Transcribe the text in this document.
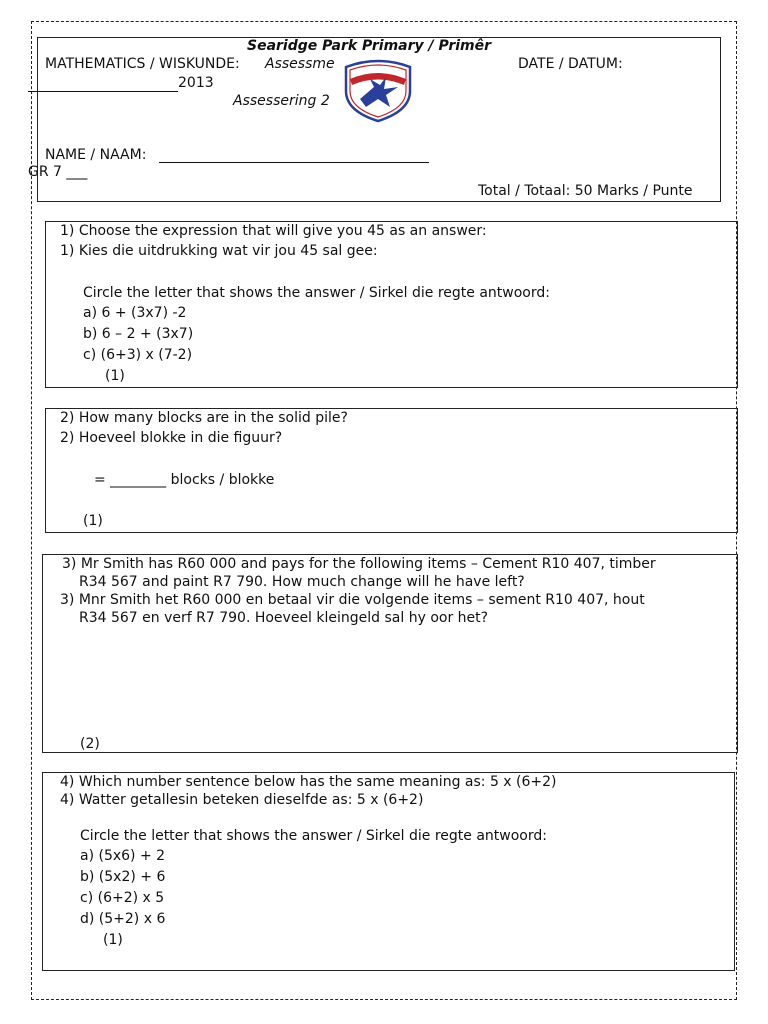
Searidge Park Primary / Primêr
MATHEMATICS / WISKUNDE: Assessme	DATE / DATUM:
2013
Assessering 2
NAME / NAAM:
GR 7 ___
Total / Totaal: 50 Marks / Punte
1) Choose the expression that will give you 45 as an answer:
1) Kies die uitdrukking wat vir jou 45 sal gee:
Circle the letter that shows the answer / Sirkel die regte antwoord:
a) 6 + (3x7) -2
b) 6 – 2 + (3x7)
c) (6+3) x (7-2)
(1)
2) How many blocks are in the solid pile?
2) Hoeveel blokke in die figuur?
= ________ blocks / blokke
(1)
3) Mr Smith has R60 000 and pays for the following items – Cement R10 407, timber
R34 567 and paint R7 790. How much change will he have left?
3) Mnr Smith het R60 000 en betaal vir die volgende items – sement R10 407, hout
R34 567 en verf R7 790. Hoeveel kleingeld sal hy oor het?
(2)
4) Which number sentence below has the same meaning as: 5 x (6+2)
4) Watter getallesin beteken dieselfde as: 5 x (6+2)
Circle the letter that shows the answer / Sirkel die regte antwoord:
a) (5x6) + 2
b) (5x2) + 6
c) (6+2) x 5
d) (5+2) x 6
(1)
